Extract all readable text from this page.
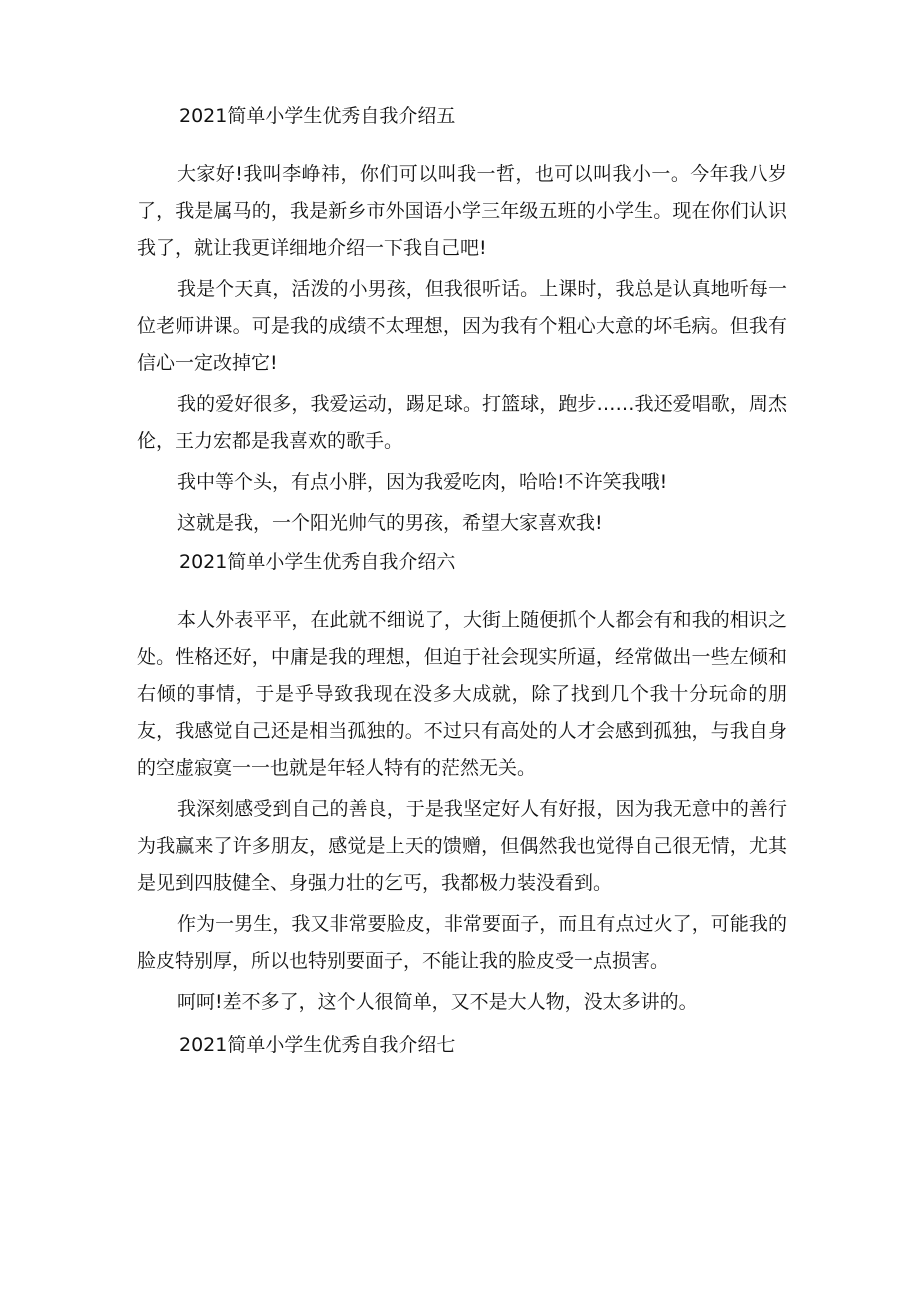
2021简单小学生优秀自我介绍五

大家好!我叫李峥祎，你们可以叫我一哲，也可以叫我小一。今年我八岁了，我是属马的，我是新乡市外国语小学三年级五班的小学生。现在你们认识我了，就让我更详细地介绍一下我自己吧!

我是个天真，活泼的小男孩，但我很听话。上课时，我总是认真地听每一位老师讲课。可是我的成绩不太理想，因为我有个粗心大意的坏毛病。但我有信心一定改掉它!

我的爱好很多，我爱运动，踢足球。打篮球，跑步……我还爱唱歌，周杰伦，王力宏都是我喜欢的歌手。

我中等个头，有点小胖，因为我爱吃肉，哈哈!不许笑我哦!

这就是我，一个阳光帅气的男孩，希望大家喜欢我!

2021简单小学生优秀自我介绍六

本人外表平平，在此就不细说了，大街上随便抓个人都会有和我的相识之处。性格还好，中庸是我的理想，但迫于社会现实所逼，经常做出一些左倾和右倾的事情，于是乎导致我现在没多大成就，除了找到几个我十分玩命的朋友，我感觉自己还是相当孤独的。不过只有高处的人才会感到孤独，与我自身的空虚寂寞一一也就是年轻人特有的茫然无关。

我深刻感受到自己的善良，于是我坚定好人有好报，因为我无意中的善行为我赢来了许多朋友，感觉是上天的馈赠，但偶然我也觉得自己很无情，尤其是见到四肢健全、身强力壮的乞丐，我都极力装没看到。

作为一男生，我又非常要脸皮，非常要面子，而且有点过火了，可能我的脸皮特别厚，所以也特别要面子，不能让我的脸皮受一点损害。

呵呵!差不多了，这个人很简单，又不是大人物，没太多讲的。

2021简单小学生优秀自我介绍七
